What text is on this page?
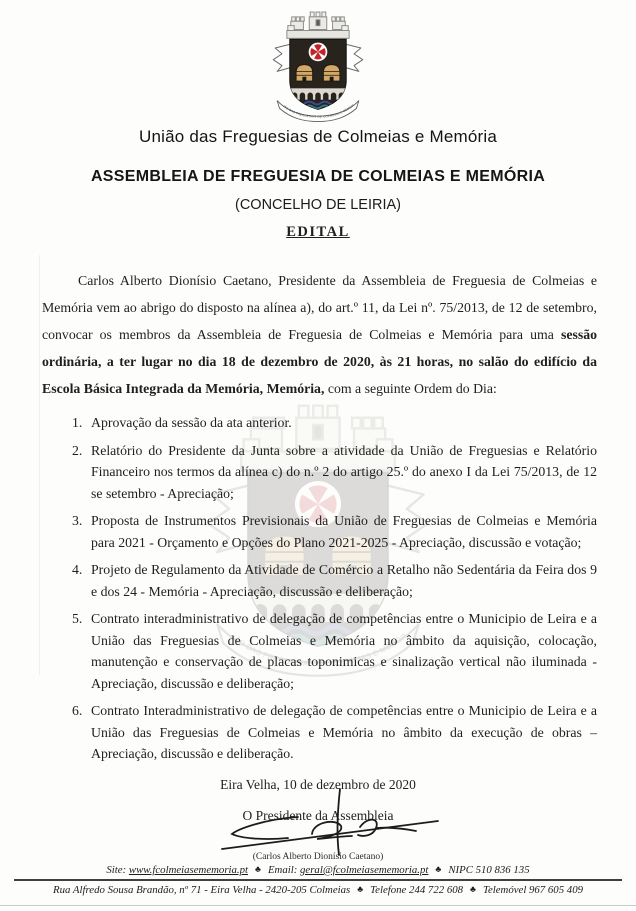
União das Freguesias de Colmeias e Memória
ASSEMBLEIA DE FREGUESIA DE COLMEIAS E MEMÓRIA
(CONCELHO DE LEIRIA)
EDITAL

Carlos Alberto Dionísio Caetano, Presidente da Assembleia de Freguesia de Colmeias e Memória vem ao abrigo do disposto na alínea a), do art.º 11, da Lei nº. 75/2013, de 12 de setembro, convocar os membros da Assembleia de Freguesia de Colmeias e Memória para uma sessão ordinária, a ter lugar no dia 18 de dezembro de 2020, às 21 horas, no salão do edifício da Escola Básica Integrada da Memória, Memória, com a seguinte Ordem do Dia:

1. Aprovação da sessão da ata anterior.
2. Relatório do Presidente da Junta sobre a atividade da União de Freguesias e Relatório Financeiro nos termos da alínea c) do n.º 2 do artigo 25.º do anexo I da Lei 75/2013, de 12 se setembro - Apreciação;
3. Proposta de Instrumentos Previsionais da União de Freguesias de Colmeias e Memória para 2021 - Orçamento e Opções do Plano 2021-2025 - Apreciação, discussão e votação;
4. Projeto de Regulamento da Atividade de Comércio a Retalho não Sedentária da Feira dos 9 e dos 24 - Memória - Apreciação, discussão e deliberação;
5. Contrato interadministrativo de delegação de competências entre o Municipio de Leira e a União das Freguesias de Colmeias e Memória no âmbito da aquisição, colocação, manutenção e conservação de placas toponimicas e sinalização vertical não iluminada - Apreciação, discussão e deliberação;
6. Contrato Interadministrativo de delegação de competências entre o Municipio de Leira e a União das Freguesias de Colmeias e Memória no âmbito da execução de obras – Apreciação, discussão e deliberação.
Eira Velha, 10 de dezembro de 2020
O Presidente da Assembleia
(Carlos Alberto Dionísio Caetano)
Site: www.fcolmeiasememoria.pt ♣ Email: geral@fcolmeiasememoria.pt ♣ NIPC 510 836 135
Rua Alfredo Sousa Brandão, nº 71 - Eira Velha - 2420-205 Colmeias ♣ Telefone 244 722 608 ♣ Telemóvel 967 605 409
